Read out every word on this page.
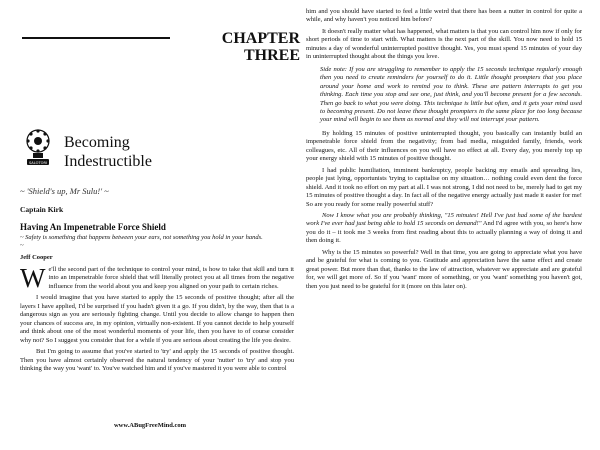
CHAPTER
THREE
SALOTORI
Becoming
Indestructible
~ 'Shield's up, Mr Sulu!' ~
Captain Kirk
Having An Impenetrable Force Shield
~ Safety is something that happens between your ears, not something you hold in your hands.
~
Jeff Cooper

We'll the second part of the technique to control your mind, is how to take that skill and turn it into an impenetrable force shield that will literally protect you at all times from the negative influence from the world about you and keep you aligned on your path to certain riches.

I would imagine that you have started to apply the 15 seconds of positive thought; after all the layers I have applied, I'd be surprised if you hadn't given it a go. If you didn't, by the way, then that is a dangerous sign as you are seriously fighting change. Until you decide to allow change to happen then your chances of success are, in my opinion, virtually non-existent. If you cannot decide to help yourself and think about one of the most wonderful moments of your life, then you have to of course consider why not? So I suggest you consider that for a while if you are serious about creating the life you desire.

But I'm going to assume that you've started to 'try' and apply the 15 seconds of positive thought. Then you have almost certainly observed the natural tendency of your 'nutter' to 'try' and stop you thinking the way you 'want' to. You've watched him and if you've mastered it you were able to control

www.ABugFreeMind.com

him and you should have started to feel a little weird that there has been a nutter in control for quite a while, and why haven't you noticed him before?

It doesn't really matter what has happened, what matters is that you can control him now if only for short periods of time to start with. What matters is the next part of the skill. You now need to hold 15 minutes a day of wonderful uninterrupted positive thought. Yes, you must spend 15 minutes of your day in uninterrupted thought about the things you love.

Side note: If you are struggling to remember to apply the 15 seconds technique regularly enough then you need to create reminders for yourself to do it. Little thought prompters that you place around your home and work to remind you to think. These are pattern interrupts to get you thinking. Each time you stop and see one, just think, and you'll become present for a few seconds. Then go back to what you were doing. This technique is little but often, and it gets your mind used to becoming present. Do not leave these thought prompters in the same place for too long because your mind will begin to see them as normal and they will not interrupt your pattern.

By holding 15 minutes of positive uninterrupted thought, you basically can instantly build an impenetrable force shield from the negativity; from bad media, misguided family, friends, work colleagues, etc. All of their influences on you will have no effect at all. Every day, you merely top up your energy shield with 15 minutes of positive thought.

I had public humiliation, imminent bankruptcy, people backing my emails and spreading lies, people just lying, opportunists 'trying to capitalise on my situation… nothing could even dent the force shield. And it took no effort on my part at all. I was not strong, I did not need to be, merely had to get my 15 minutes of positive thought a day. In fact all of the negative energy actually just made it easier for me! So are you ready for some really powerful stuff?

Now I know what you are probably thinking, "15 minutes! Hell I've just had some of the hardest work I've ever had just being able to hold 15 seconds on demand!" And I'd agree with you, so here's how you do it – it took me 3 weeks from first reading about this to actually planning a way of doing it and then doing it.

Why is the 15 minutes so powerful? Well in that time, you are going to appreciate what you have and be grateful for what is coming to you. Gratitude and appreciation have the same effect and create great power. But more than that, thanks to the law of attraction, whatever we appreciate and are grateful for, we will get more of. So if you 'want' more of something, or you 'want' something you haven't got, then you just need to be grateful for it (more on this later on).
